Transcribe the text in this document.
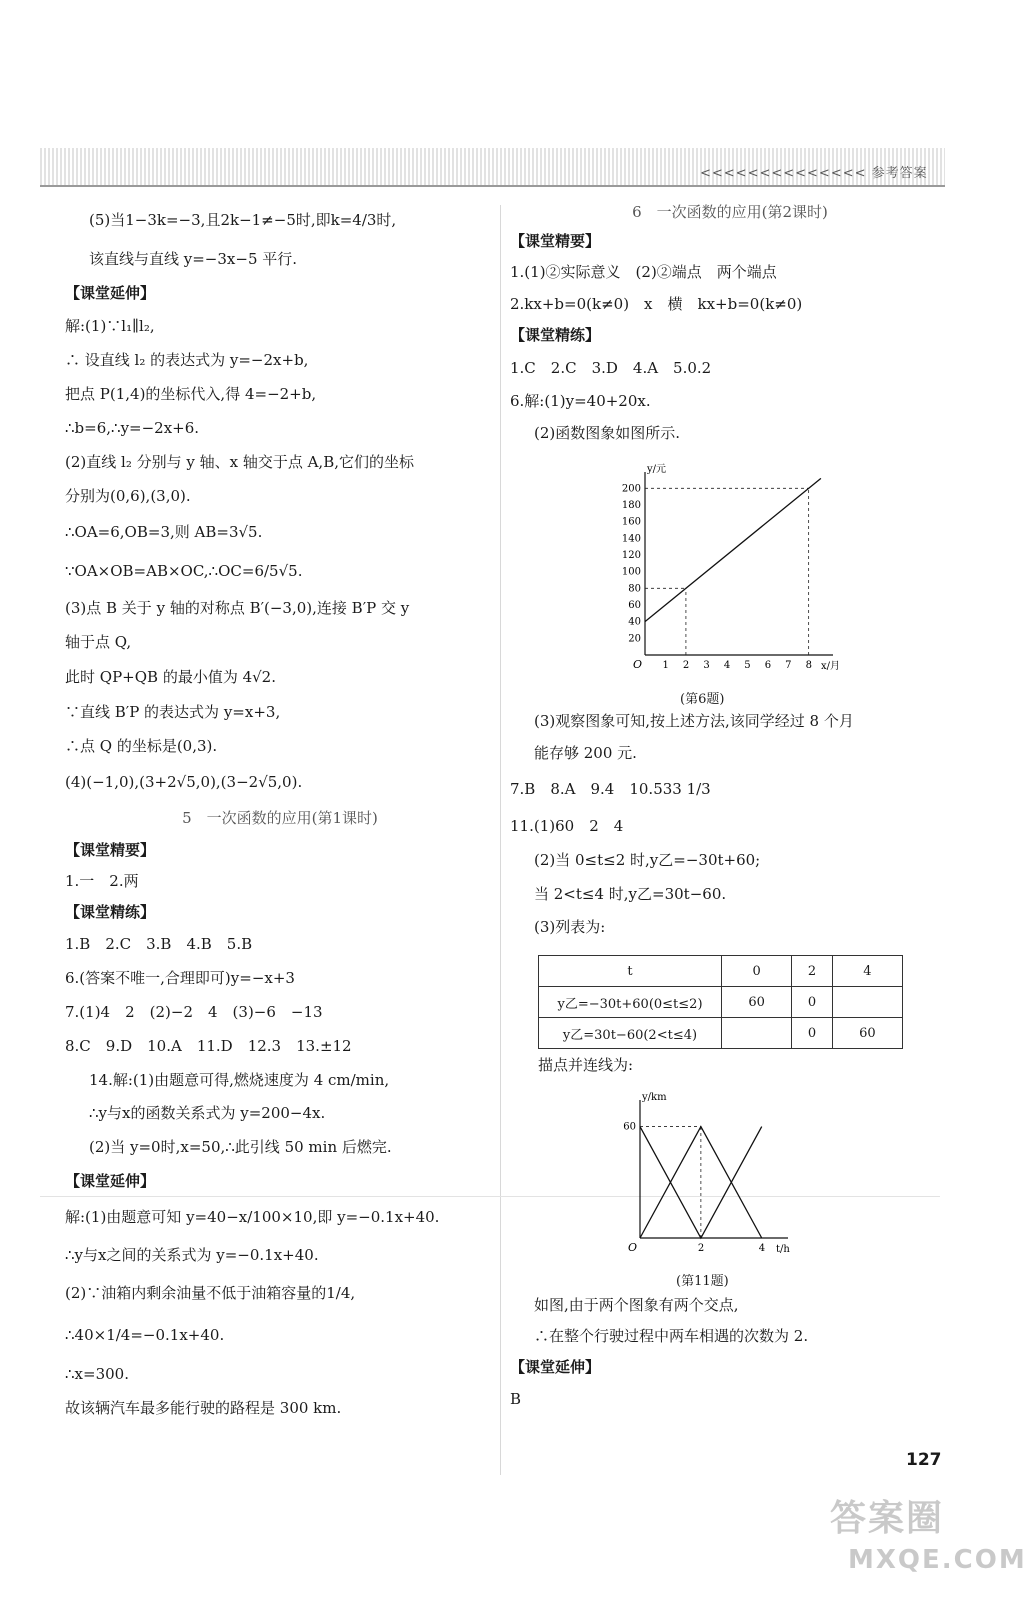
<<<<<<<<<<<<<< 参考答案
(5)当1−3k=−3,且2k−1≠−5时,即k=4/3时,
该直线与直线 y=−3x−5 平行.
【课堂延伸】
解:(1)∵l₁∥l₂,
∴ 设直线 l₂ 的表达式为 y=−2x+b,
把点 P(1,4)的坐标代入,得 4=−2+b,
∴b=6,∴y=−2x+6.
(2)直线 l₂ 分别与 y 轴、x 轴交于点 A,B,它们的坐标
分别为(0,6),(3,0).
∴OA=6,OB=3,则 AB=3√5.
∵OA×OB=AB×OC,∴OC=6/5√5.
(3)点 B 关于 y 轴的对称点 B′(−3,0),连接 B′P 交 y
轴于点 Q,
此时 QP+QB 的最小值为 4√2.
∵直线 B′P 的表达式为 y=x+3,
∴点 Q 的坐标是(0,3).
(4)(−1,0),(3+2√5,0),(3−2√5,0).
5　一次函数的应用(第1课时)
【课堂精要】
1.一　2.两
【课堂精练】
1.B　2.C　3.B　4.B　5.B
6.(答案不唯一,合理即可)y=−x+3
7.(1)4　2　(2)−2　4　(3)−6　−13
8.C　9.D　10.A　11.D　12.3　13.±12
14.解:(1)由题意可得,燃烧速度为 4 cm/min,
∴y与x的函数关系式为 y=200−4x.
(2)当 y=0时,x=50,∴此引线 50 min 后燃完.
【课堂延伸】
解:(1)由题意可知 y=40−x/100×10,即 y=−0.1x+40.
∴y与x之间的关系式为 y=−0.1x+40.
(2)∵油箱内剩余油量不低于油箱容量的1/4,
∴40×1/4=−0.1x+40.
∴x=300.
故该辆汽车最多能行驶的路程是 300 km.
6　一次函数的应用(第2课时)
【课堂精要】
1.(1)②实际意义　(2)②端点　两个端点
2.kx+b=0(k≠0)　x　横　kx+b=0(k≠0)
【课堂精练】
1.C　2.C　3.D　4.A　5.0.2
6.解:(1)y=40+20x.
(2)函数图象如图所示.
O	x/月
y/元
1 2 3 4 5 6 7 8
20
40
60
80
100
120
140
160
180
200
(第6题)
(3)观察图象可知,按上述方法,该同学经过 8 个月
能存够 200 元.
7.B　8.A　9.4　10.533 1/3
11.(1)60　2　4
(2)当 0≤t≤2 时,y乙=−30t+60;
当 2<t≤4 时,y乙=30t−60.
(3)列表为:
t	0	2	4
y乙=−30t+60(0≤t≤2)	60	0	
y乙=30t−60(2<t≤4)		0	60
描点并连线为:
O	t/h
y/km
2	4
60
(第11题)
如图,由于两个图象有两个交点,
∴在整个行驶过程中两车相遇的次数为 2.
【课堂延伸】
B
127
答案圈
MXQE.COM
